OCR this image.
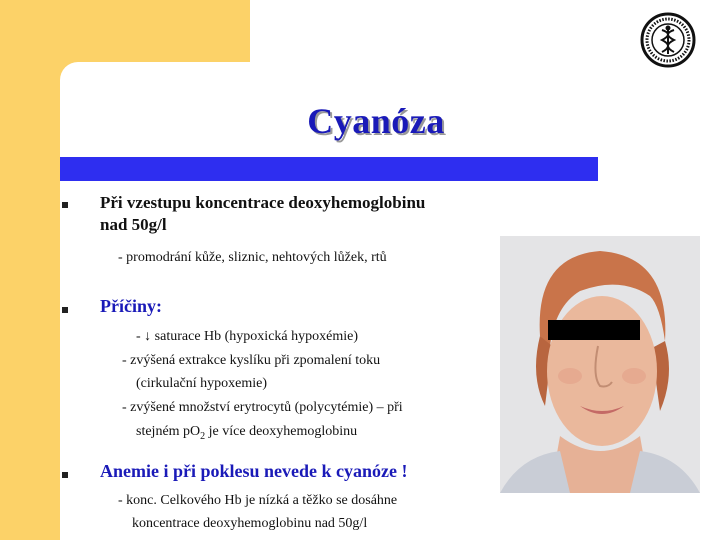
Cyanóza
Při vzestupu koncentrace deoxyhemoglobinu
nad 50g/l
- promodrání kůže, sliznic, nehtových lůžek, rtů
Příčiny:
- ↓ saturace Hb (hypoxická hypoxémie)
- zvýšená extrakce kyslíku při zpomalení toku
(cirkulační hypoxemie)
- zvýšené množství erytrocytů (polycytémie) – při
stejném $pO_2$ je více deoxyhemoglobinu
Anemie i při poklesu nevede k cyanóze !
- konc. Celkového Hb je nízká a těžko se dosáhne
koncentrace deoxyhemoglobinu nad 50g/l
